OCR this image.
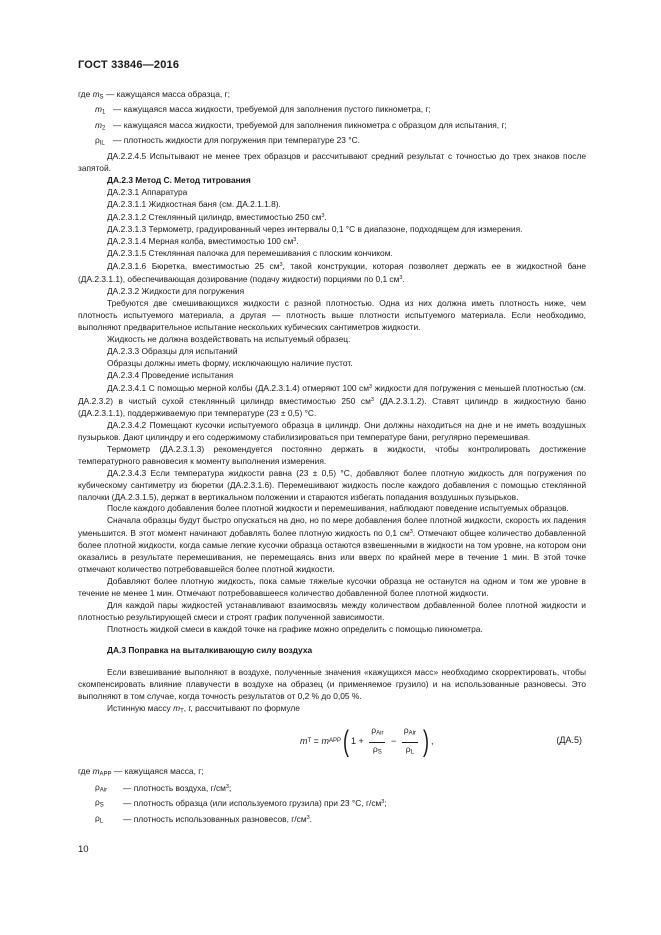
ГОСТ 33846—2016
где $m_S$ — кажущаяся масса образца, г;
$m_1$ — кажущаяся масса жидкости, требуемой для заполнения пустого пикнометра, г;
$m_2$ — кажущаяся масса жидкости, требуемой для заполнения пикнометра с образцом для испытания, г;
$\rho_{IL}$ — плотность жидкости для погружения при температуре 23 °С.
ДА.2.2.4.5 Испытывают не менее трех образцов и рассчитывают средний результат с точностью до трех знаков после запятой.
ДА.2.3 Метод С. Метод титрования
ДА.2.3.1 Аппаратура
ДА.2.3.1.1 Жидкостная баня (см. ДА.2.1.1.8).
ДА.2.3.1.2 Стеклянный цилиндр, вместимостью 250 $см^3$.
ДА.2.3.1.3 Термометр, градуированный через интервалы 0,1 °С в диапазоне, подходящем для измерения.
ДА.2.3.1.4 Мерная колба, вместимостью 100 $см^3$.
ДА.2.3.1.5 Стеклянная палочка для перемешивания с плоским кончиком.
ДА.2.3.1.6 Бюретка, вместимостью 25 $см^3$, такой конструкции, которая позволяет держать ее в жидкостной бане (ДА.2.3.1.1), обеспечивающая дозирование (подачу жидкости) порциями по 0,1 $см^3$.
ДА.2.3.2 Жидкости для погружения
Требуются две смешивающихся жидкости с разной плотностью. Одна из них должна иметь плотность ниже, чем плотность испытуемого материала, а другая — плотность выше плотности испытуемого материала. Если необходимо, выполняют предварительное испытание нескольких кубических сантиметров жидкости.
Жидкость не должна воздействовать на испытуемый образец.
ДА.2.3.3 Образцы для испытаний
Образцы должны иметь форму, исключающую наличие пустот.
ДА.2.3.4 Проведение испытания
ДА.2.3.4.1 С помощью мерной колбы (ДА.2.3.1.4) отмеряют 100 $см^3$ жидкости для погружения с меньшей плотностью (см. ДА.2.3.2) в чистый сухой стеклянный цилиндр вместимостью 250 $см^3$ (ДА.2.3.1.2). Ставят цилиндр в жидкостную баню (ДА.2.3.1.1), поддерживаемую при температуре (23 ± 0,5) °С.
ДА.2.3.4.2 Помещают кусочки испытуемого образца в цилиндр. Они должны находиться на дне и не иметь воздушных пузырьков. Дают цилиндру и его содержимому стабилизироваться при температуре бани, регулярно перемешивая.
Термометр (ДА.2.3.1.3) рекомендуется постоянно держать в жидкости, чтобы контролировать достижение температурного равновесия к моменту выполнения измерения.
ДА.2.3.4.3 Если температура жидкости равна (23 ± 0,5) °С, добавляют более плотную жидкость для погружения по кубическому сантиметру из бюретки (ДА.2.3.1.6). Перемешивают жидкость после каждого добавления с помощью стеклянной палочки (ДА.2.3.1.5), держат в вертикальном положении и стараются избегать попадания воздушных пузырьков.
После каждого добавления более плотной жидкости и перемешивания, наблюдают поведение испытуемых образцов.
Сначала образцы будут быстро опускаться на дно, но по мере добавления более плотной жидкости, скорость их падения уменьшится. В этот момент начинают добавлять более плотную жидкость по 0,1 $см^3$. Отмечают общее количество добавленной более плотной жидкости, когда самые легкие кусочки образца остаются взвешенными в жидкости на том уровне, на котором они оказались в результате перемешивания, не перемещаясь вниз или вверх по крайней мере в течение 1 мин. В этой точке отмечают количество потребовавшейся более плотной жидкости.
Добавляют более плотную жидкость, пока самые тяжелые кусочки образца не останутся на одном и том же уровне в течение не менее 1 мин. Отмечают потребовавшееся количество добавленной более плотной жидкости.
Для каждой пары жидкостей устанавливают взаимосвязь между количеством добавленной более плотной жидкости и плотностью результирующей смеси и строят график полученной зависимости.
Плотность жидкой смеси в каждой точке на графике можно определить с помощью пикнометра.
ДА.3 Поправка на выталкивающую силу воздуха
Если взвешивание выполняют в воздухе, полученные значения «кажущихся масс» необходимо скорректировать, чтобы скомпенсировать влияние плавучести в воздухе на образец (и применяемое грузило) и на использованные разновесы. Это выполняют в том случае, когда точность результатов от 0,2 % до 0,05 %.
Истинную массу $m_T$, г, рассчитывают по формуле
m T = m APP ( $1 + \frac{\rho_{Air}}{\rho_S} - \frac{\rho_{Air}}{\rho_L}$ ) ,	(ДА.5)
где $m_{APP}$ — кажущаяся масса, г;
$\rho_{Air}$	— плотность воздуха, $г/см^3$;
$\rho_S$	— плотность образца (или используемого грузила) при 23 °С, $г/см^3$;
$\rho_L$	— плотность использованных разновесов, $г/см^3$.
10
